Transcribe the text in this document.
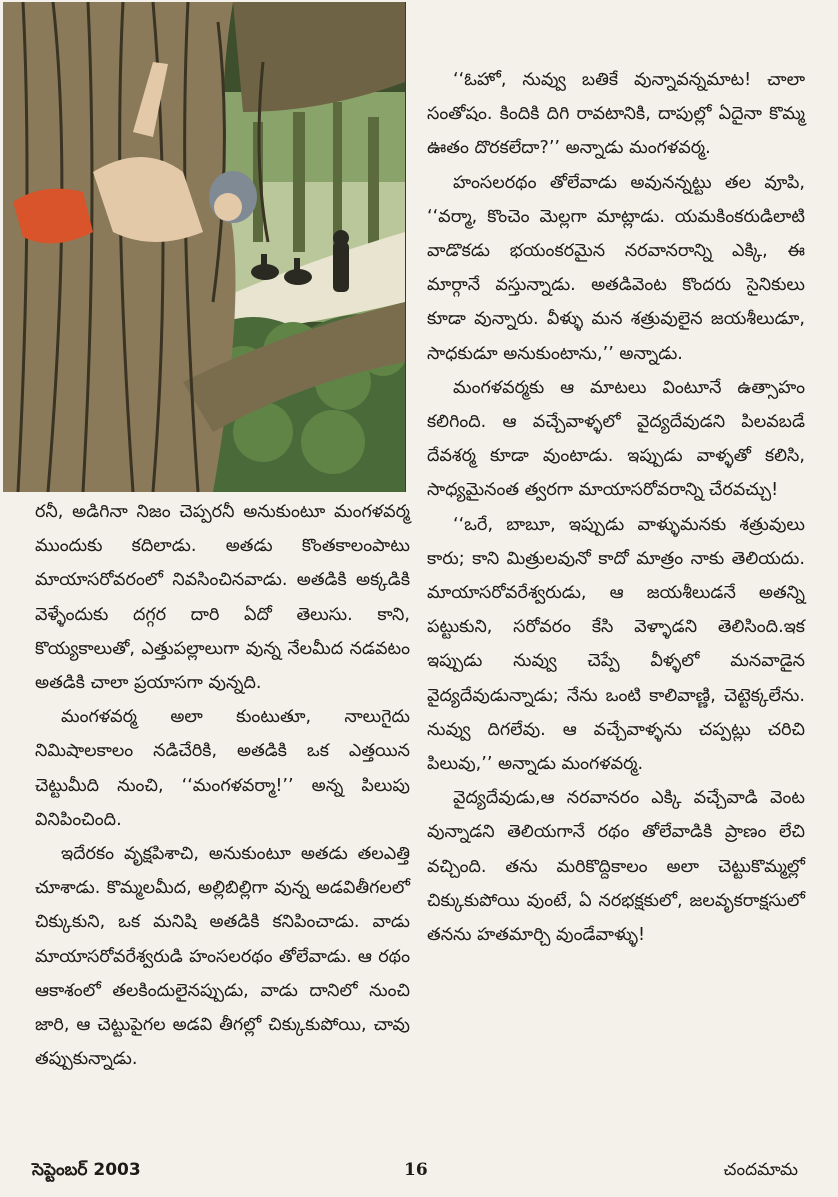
రనీ, అడిగినా నిజం చెప్పరనీ అనుకుంటూ మంగళవర్మ ముందుకు కదిలాడు. అతడు కొంతకాలంపాటు మాయాసరోవరంలో నివసించినవాడు. అతడికి అక్కడికి వెళ్ళేందుకు దగ్గర దారి ఏదో తెలుసు. కాని, కొయ్యకాలుతో, ఎత్తుపల్లాలుగా వున్న నేలమీద నడవటం అతడికి చాలా ప్రయాసగా వున్నది.

మంగళవర్మ అలా కుంటుతూ, నాలుగైదు నిమిషాలకాలం నడిచేరికి, అతడికి ఒక ఎత్తయిన చెట్టుమీది నుంచి, ‘‘మంగళవర్మా!’’ అన్న పిలుపు వినిపించింది.

ఇదేరకం వృక్షపిశాచి, అనుకుంటూ అతడు తలఎత్తి చూశాడు. కొమ్మలమీద, అల్లిబిల్లిగా వున్న అడవితీగలలో చిక్కుకుని, ఒక మనిషి అతడికి కనిపించాడు. వాడు మాయాసరోవరేశ్వరుడి హంసలరథం తోలేవాడు. ఆ రథం ఆకాశంలో తలకిందులైనప్పుడు, వాడు దానిలో నుంచి జారి, ఆ చెట్టుపైగల అడవి తీగల్లో చిక్కుకుపోయి, చావు తప్పుకున్నాడు.

‘‘ఓహో, నువ్వు బతికే వున్నావన్నమాట! చాలా సంతోషం. కిందికి దిగి రావటానికి, దాపుల్లో ఏదైనా కొమ్మ ఊతం దొరకలేదా?’’ అన్నాడు మంగళవర్మ.

హంసలరథం తోలేవాడు అవునన్నట్టు తల వూపి, ‘‘వర్మా, కొంచెం మెల్లగా మాట్లాడు. యమకింకరుడిలాటి వాడొకడు భయంకరమైన నరవానరాన్ని ఎక్కి, ఈ మార్గానే వస్తున్నాడు. అతడివెంట కొందరు సైనికులు కూడా వున్నారు. వీళ్ళు మన శత్రువులైన జయశీలుడూ, సాధకుడూ అనుకుంటాను,’’ అన్నాడు.

మంగళవర్మకు ఆ మాటలు వింటూనే ఉత్సాహం కలిగింది. ఆ వచ్చేవాళ్ళలో వైద్యదేవుడని పిలవబడే దేవశర్మ కూడా వుంటాడు. ఇప్పుడు వాళ్ళతో కలిసి, సాధ్యమైనంత త్వరగా మాయాసరోవరాన్ని చేరవచ్చు!

‘‘ఒరే, బాబూ, ఇప్పుడు వాళ్ళుమనకు శత్రువులు కారు; కాని మిత్రులవునో కాదో మాత్రం నాకు తెలియదు. మాయాసరోవరేశ్వరుడు, ఆ జయశీలుడనే అతన్ని పట్టుకుని, సరోవరం కేసి వెళ్ళాడని తెలిసింది.ఇక ఇప్పుడు నువ్వు చెప్పే వీళ్ళలో మనవాడైన వైద్యదేవుడున్నాడు; నేను ఒంటి కాలివాణ్ణి, చెట్టెక్కలేను. నువ్వు దిగలేవు. ఆ వచ్చేవాళ్ళను చప్పట్లు చరిచి పిలువు,’’ అన్నాడు మంగళవర్మ.

వైద్యదేవుడు,ఆ నరవానరం ఎక్కి వచ్చేవాడి వెంట వున్నాడని తెలియగానే రథం తోలేవాడికి ప్రాణం లేచి వచ్చింది. తను మరికొద్దికాలం అలా చెట్టుకొమ్మల్లో చిక్కుకుపోయి వుంటే, ఏ నరభక్షకులో, జలవృకరాక్షసులో తనను హతమార్చి వుండేవాళ్ళు!

సెప్టెంబర్ 2003	16	చందమామ
